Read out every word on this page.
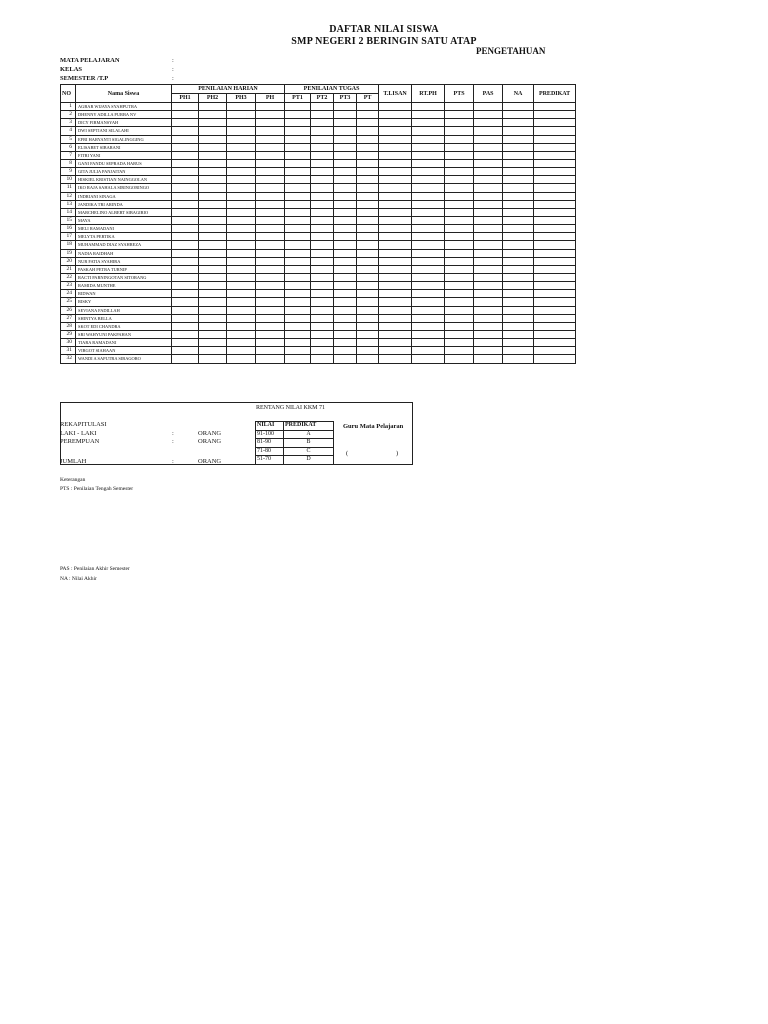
DAFTAR NILAI SISWA
SMP NEGERI 2 BERINGIN SATU ATAP
PENGETAHUAN
MATA PELAJARAN	:
KELAS	:
SEMESTER /T.P	:
NO	Nama Siswa	PENILAIAN HARIAN				PENILAIAN TUGAS				T.LISAN	RT.PH	PTS	PAS	NA	PREDIKAT
		PH1	PH2	PH3	PH	PT1	PT2	PT3	PT						
1	AGBAR WIJAYA SYAHPUTRA														
2	DHENNY ADILLA PURBA NV														
3	DICY FIRMANSYAH														
4	DWI SEPTIANI SILALAHI														
5	EFRI HARYANTI SIGALINGGING														
6	ELISABET SIBARANI														
7	FITRI YANI														
8	GANI FANDU SEPRADA HARUS														
9	GITA JULIA PANJAITAN														
10	HISKIEL KRISTIAN NAINGGOLAN														
11	IKO RAJA SAHALA SIRINGORINGO														
12	INDRIANI SINAGA														
13	JANDIKA TRI ARINDA														
14	MARCHELINO ALBERT SIBAGIRIO														
15	MAYA														
16	MELI RAMADANI														
17	MELYTA PERTIKA														
18	MUHAMMAD DIAZ SYAHREZA														
19	NADIA RAIDHAH														
20	NUR FATIA SYAHIRA														
21	PASKAH PETRA TURNIP														
22	RACTI PARNINGOTAN SITORANG														
23	RAMIDA MUNTHE														
24	RIDWAN														
25	RISKY														
26	SEVIANA FADILLAH														
27	SHINTYA BELLA														
28	SKOT EDI CHANDRA														
29	SRI WAHYUNI PAKPAHAN														
30	TIARA RAMADANI														
31	VIRGOT SIAHAAN														
32	WANDI A SAPUTRA SIBAGORO														
REKAPITULASI
LAKI - LAKI	:	ORANG
PEREMPUAN	:	ORANG
JUMLAH	:	ORANG
RENTANG NILAI KKM 71
NILAI	PREDIKAT
91-100	A
81-90	B
71-80	C
51-70	D
Guru Mata Pelajaran
(	)
Keterangan
PTS : Penilaian Tengah Semester
PAS : Penilaian Akhir Semester
NA : Nilai Akhir
